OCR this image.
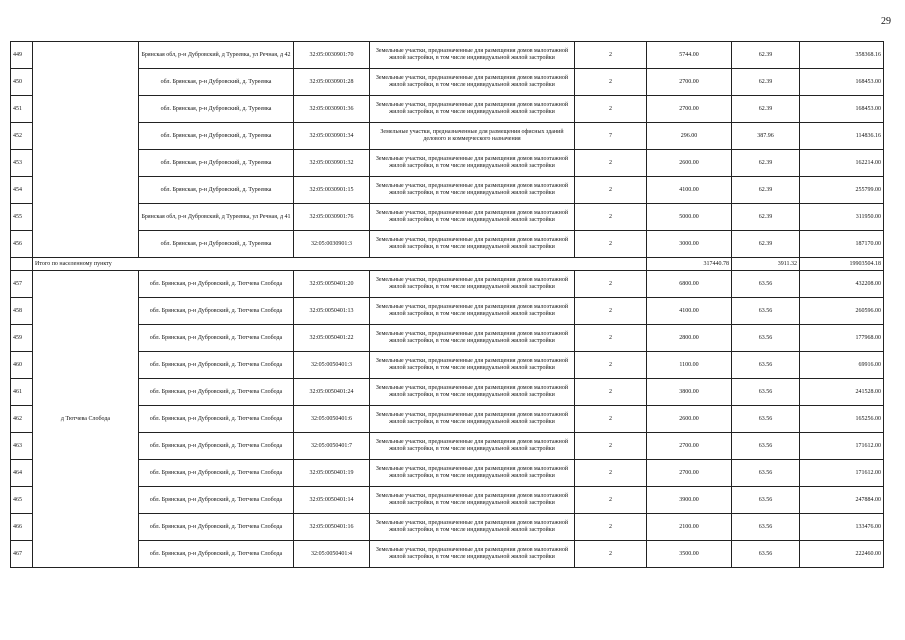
29
449		Брянская обл, р-н Дубровский, д Туреевка, ул Речная, д 42	32:05:0030901:70	Земельные участки, предназначенные для размещения домов малоэтажной жилой застройки, в том числе индивидуальной жилой застройки	2	5744.00	62.39	358368.16
450		обл. Брянская, р-н Дубровский, д. Туреевка	32:05:0030901:28	Земельные участки, предназначенные для размещения домов малоэтажной жилой застройки, в том числе индивидуальной жилой застройки	2	2700.00	62.39	168453.00
451		обл. Брянская, р-н Дубровский, д. Туреевка	32:05:0030901:36	Земельные участки, предназначенные для размещения домов малоэтажной жилой застройки, в том числе индивидуальной жилой застройки	2	2700.00	62.39	168453.00
452		обл. Брянская, р-н Дубровский, д. Туреевка	32:05:0030901:34	Земельные участки, предназначенные для размещения офисных зданий делового и коммерческого назначения	7	296.00	387.96	114836.16
453		обл. Брянская, р-н Дубровский, д. Туреевка	32:05:0030901:32	Земельные участки, предназначенные для размещения домов малоэтажной жилой застройки, в том числе индивидуальной жилой застройки	2	2600.00	62.39	162214.00
454		обл. Брянская, р-н Дубровский, д. Туреевка	32:05:0030901:15	Земельные участки, предназначенные для размещения домов малоэтажной жилой застройки, в том числе индивидуальной жилой застройки	2	4100.00	62.39	255799.00
455		Брянская обл, р-н Дубровский, д Туреевка, ул Речная, д 41	32:05:0030901:76	Земельные участки, предназначенные для размещения домов малоэтажной жилой застройки, в том числе индивидуальной жилой застройки	2	5000.00	62.39	311950.00
456		обл. Брянская, р-н Дубровский, д. Туреевка	32:05:0030901:3	Земельные участки, предназначенные для размещения домов малоэтажной жилой застройки, в том числе индивидуальной жилой застройки	2	3000.00	62.39	187170.00
	Итого по населенному пункту					317440.78	3911.32	19903504.18
457	д Тютчева Слобода	обл. Брянская, р-н Дубровский, д. Тютчева Слобода	32:05:0050401:20	Земельные участки, предназначенные для размещения домов малоэтажной жилой застройки, в том числе индивидуальной жилой застройки	2	6800.00	63.56	432208.00
458		обл. Брянская, р-н Дубровский, д. Тютчева Слобода	32:05:0050401:13	Земельные участки, предназначенные для размещения домов малоэтажной жилой застройки, в том числе индивидуальной жилой застройки	2	4100.00	63.56	260596.00
459		обл. Брянская, р-н Дубровский, д. Тютчева Слобода	32:05:0050401:22	Земельные участки, предназначенные для размещения домов малоэтажной жилой застройки, в том числе индивидуальной жилой застройки	2	2800.00	63.56	177968.00
460		обл. Брянская, р-н Дубровский, д. Тютчева Слобода	32:05:0050401:3	Земельные участки, предназначенные для размещения домов малоэтажной жилой застройки, в том числе индивидуальной жилой застройки	2	1100.00	63.56	69916.00
461		обл. Брянская, р-н Дубровский, д. Тютчева Слобода	32:05:0050401:24	Земельные участки, предназначенные для размещения домов малоэтажной жилой застройки, в том числе индивидуальной жилой застройки	2	3800.00	63.56	241528.00
462		обл. Брянская, р-н Дубровский, д. Тютчева Слобода	32:05:0050401:6	Земельные участки, предназначенные для размещения домов малоэтажной жилой застройки, в том числе индивидуальной жилой застройки	2	2600.00	63.56	165256.00
463		обл. Брянская, р-н Дубровский, д. Тютчева Слобода	32:05:0050401:7	Земельные участки, предназначенные для размещения домов малоэтажной жилой застройки, в том числе индивидуальной жилой застройки	2	2700.00	63.56	171612.00
464		обл. Брянская, р-н Дубровский, д. Тютчева Слобода	32:05:0050401:19	Земельные участки, предназначенные для размещения домов малоэтажной жилой застройки, в том числе индивидуальной жилой застройки	2	2700.00	63.56	171612.00
465		обл. Брянская, р-н Дубровский, д. Тютчева Слобода	32:05:0050401:14	Земельные участки, предназначенные для размещения домов малоэтажной жилой застройки, в том числе индивидуальной жилой застройки	2	3900.00	63.56	247884.00
466		обл. Брянская, р-н Дубровский, д. Тютчева Слобода	32:05:0050401:16	Земельные участки, предназначенные для размещения домов малоэтажной жилой застройки, в том числе индивидуальной жилой застройки	2	2100.00	63.56	133476.00
467		обл. Брянская, р-н Дубровский, д. Тютчева Слобода	32:05:0050401:4	Земельные участки, предназначенные для размещения домов малоэтажной жилой застройки, в том числе индивидуальной жилой застройки	2	3500.00	63.56	222460.00
